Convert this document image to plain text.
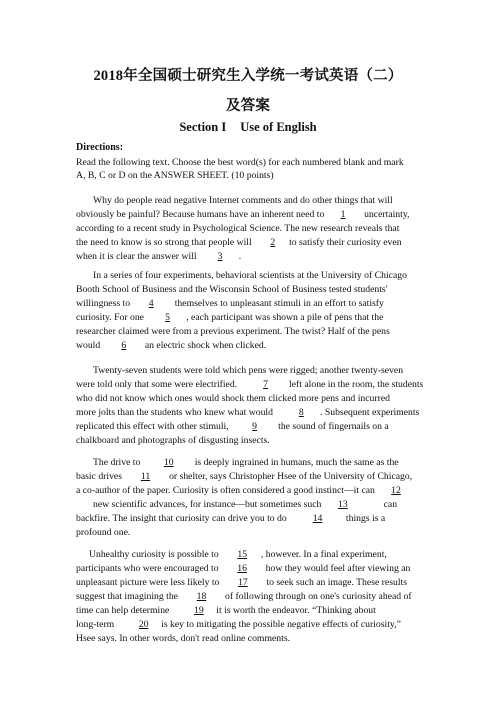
2018年全国硕士研究生入学统一考试英语（二）
及答案
Section I Use of English
Directions:
Read the following text. Choose the best word(s) for each numbered blank and mark
A, B, C or D on the ANSWER SHEET. (10 points)
Why do people read negative Internet comments and do other things that will
obviously be painful? Because humans have an inherent need to 1 uncertainty,
according to a recent study in Psychological Science. The new research reveals that
the need to know is so strong that people will 2 to satisfy their curiosity even
when it is clear the answer will 3    .
In a series of four experiments, behavioral scientists at the University of Chicago
Booth School of Business and the Wisconsin School of Business tested students'
willingness to 4 themselves to unpleasant stimuli in an effort to satisfy
curiosity. For one 5 , each participant was shown a pile of pens that the
researcher claimed were from a previous experiment. The twist? Half of the pens
would 6 an electric shock when clicked.
Twenty-seven students were told which pens were rigged; another twenty-seven
were told only that some were electrified.	7 left alone in the room, the students
who did not know which ones would shock them clicked more pens and incurred
more jolts than the students who knew what would	8 . Subsequent experiments
replicated this effect with other stimuli, 9 the sound of fingernails on a
chalkboard and photographs of disgusting insects.
The drive to 10 is deeply ingrained in humans, much the same as the
basic drives 11 or shelter, says Christopher Hsee of the University of Chicago,
a co-author of the paper. Curiosity is often considered a good instinct—it can 12
new scientific advances, for instance—but sometimes such 13	can
backfire. The insight that curiosity can drive you to do	14 things is a
profound one.
Unhealthy curiosity is possible to 15 , however. In a final experiment,
participants who were encouraged to 16 how they would feel after viewing an
unpleasant picture were less likely to 17 to seek such an image. These results
suggest that imagining the 18 of following through on one's curiosity ahead of
time can help determine	19 it is worth the endeavor. “Thinking about
long-term	20 is key to mitigating the possible negative effects of curiosity,”
Hsee says. In other words, don't read online comments.
